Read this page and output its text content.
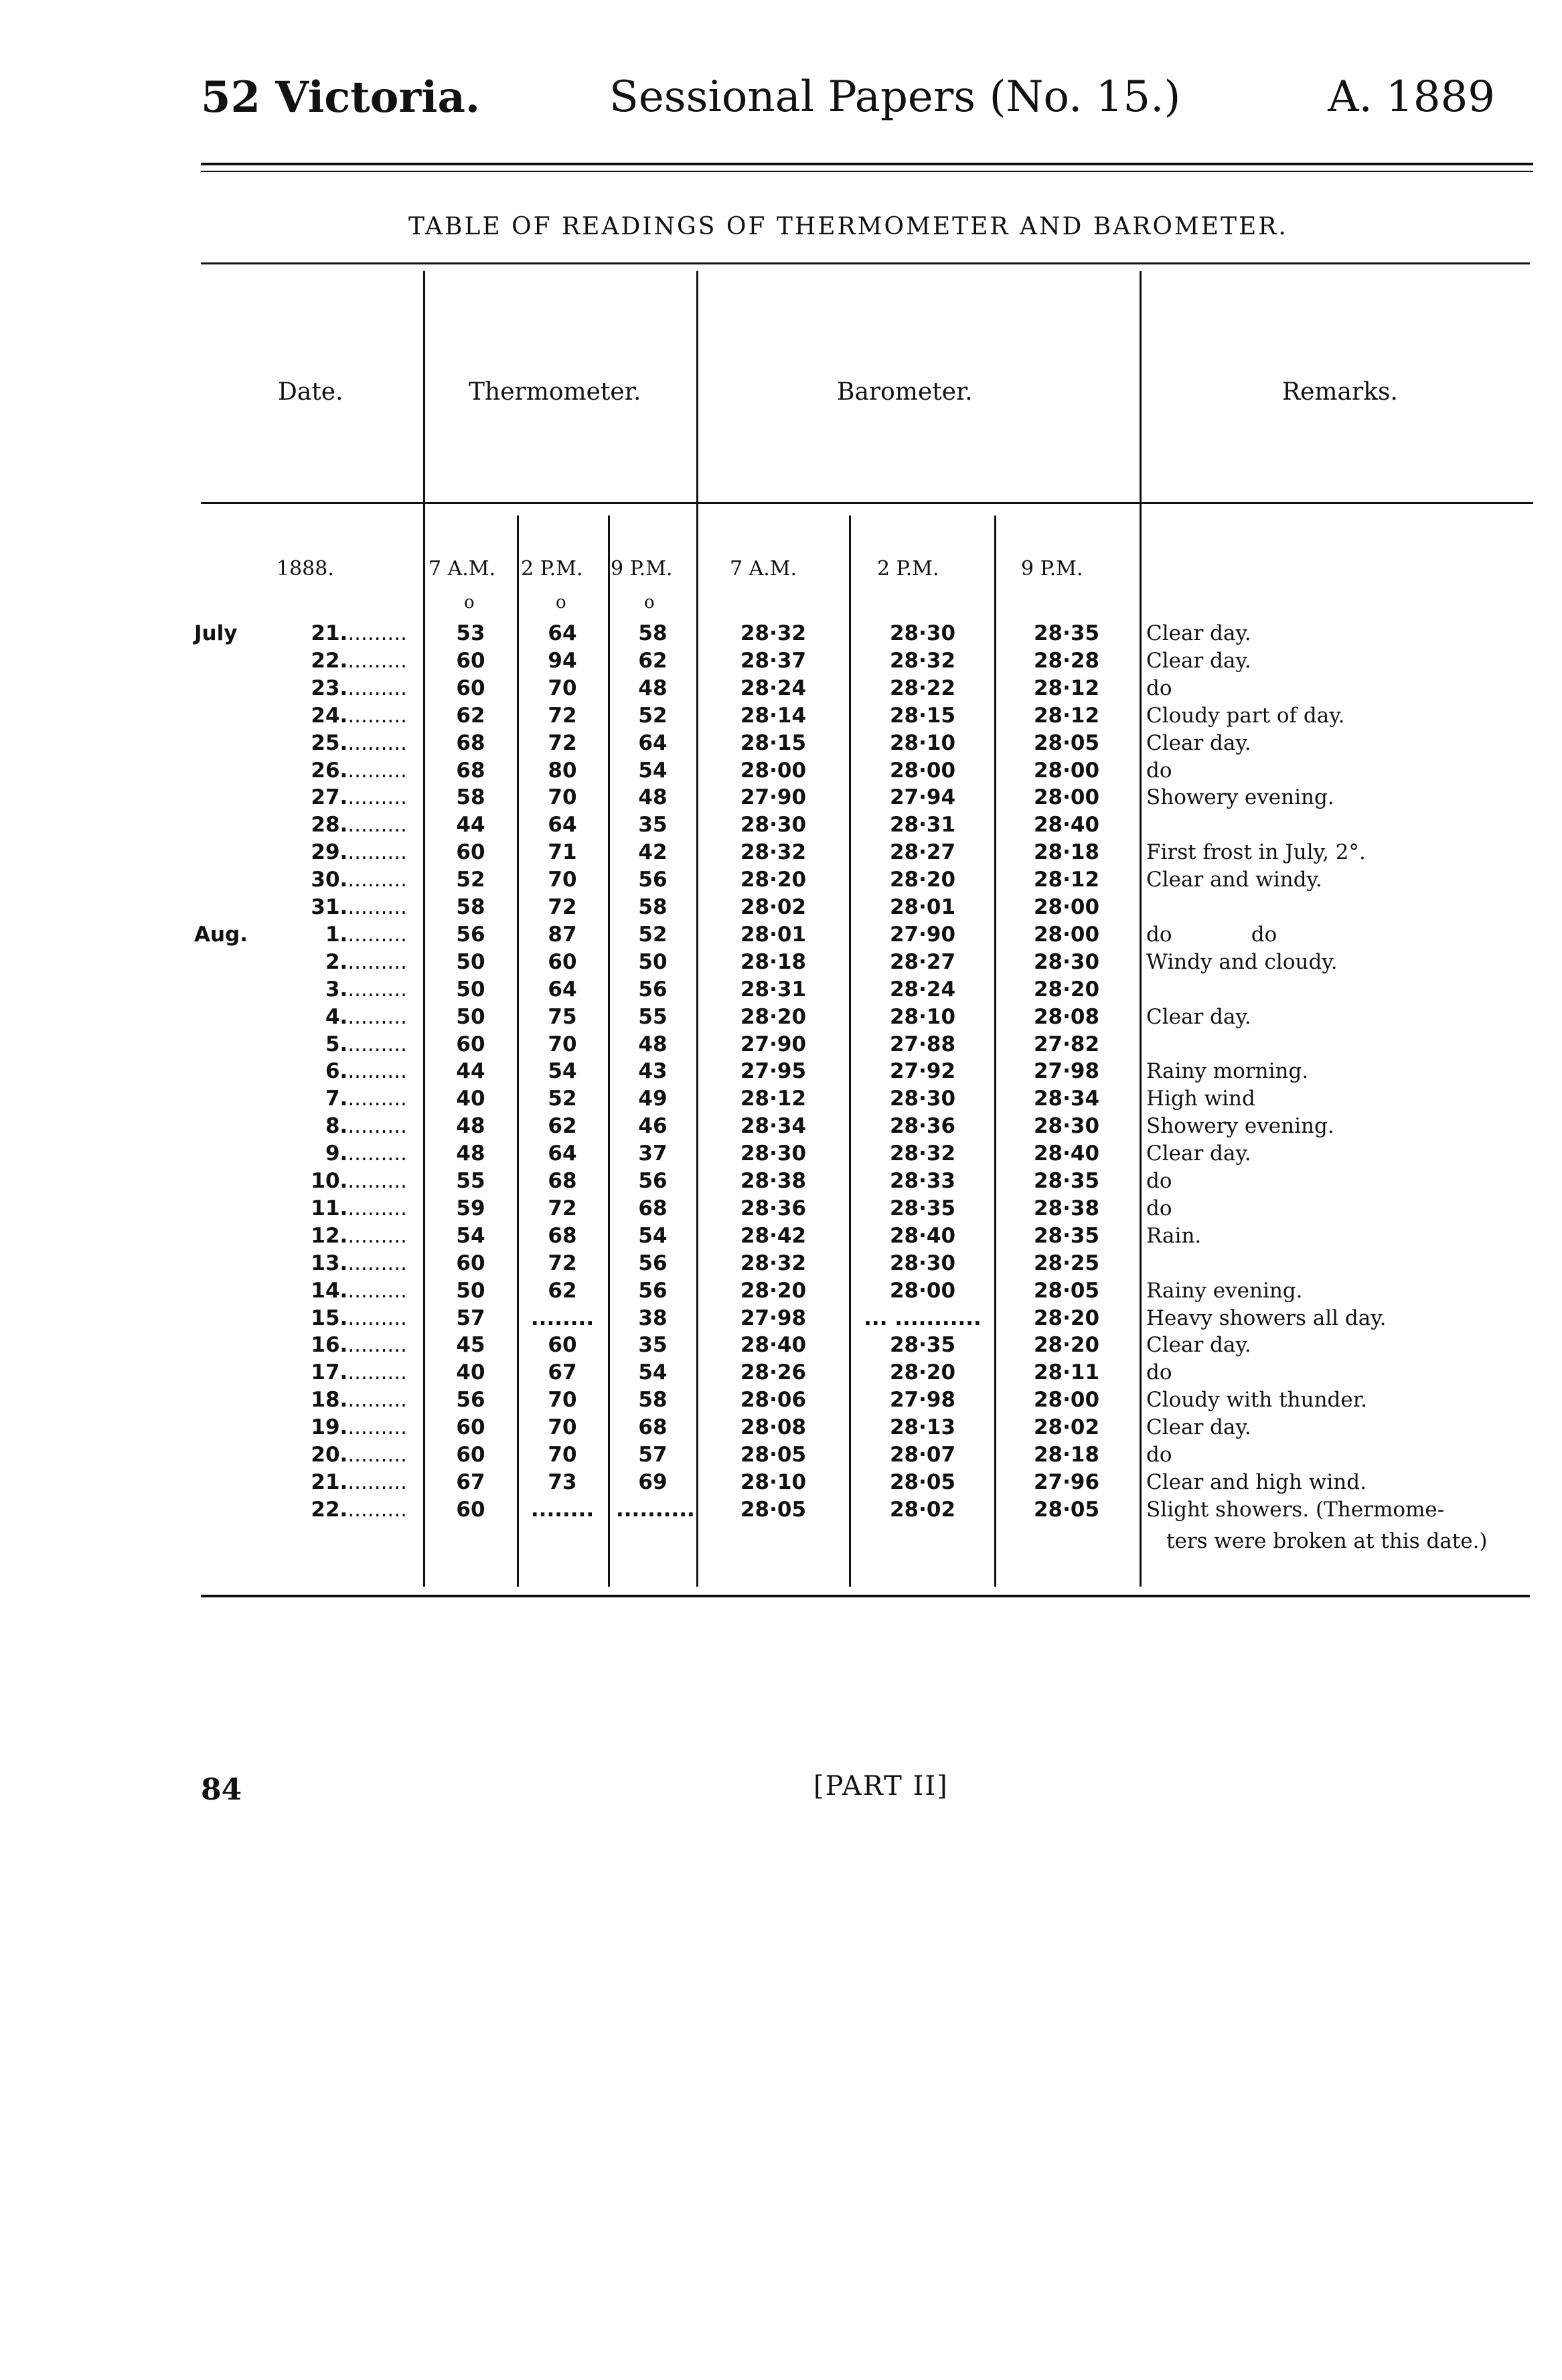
52 Victoria.	Sessional Papers (No. 15.)	A. 1889
TABLE OF READINGS OF THERMOMETER AND BAROMETER.
Date.	Thermometer.	Barometer.	Remarks.
1888.	7 A.M. 2 P.M. 9 P.M.	7 A.M.	2 P.M.	9 P.M.
o	o	o
July	21..........	53	64	58	28·32	28·30	28·35	Clear day.
22..........	60	94	62	28·37	28·32	28·28	Clear day.
23..........	60	70	48	28·24	28·22	28·12	do
24..........	62	72	52	28·14	28·15	28·12	Cloudy part of day.
25..........	68	72	64	28·15	28·10	28·05	Clear day.
26..........	68	80	54	28·00	28·00	28·00	do
27..........	58	70	48	27·90	27·94	28·00	Showery evening.
28..........	44	64	35	28·30	28·31	28·40
29..........	60	71	42	28·32	28·27	28·18	First frost in July, 2°.
30..........	52	70	56	28·20	28·20	28·12	Clear and windy.
31..........	58	72	58	28·02	28·01	28·00
Aug.	1..........	56	87	52	28·01	27·90	28·00	do            do
2..........	50	60	50	28·18	28·27	28·30	Windy and cloudy.
3..........	50	64	56	28·31	28·24	28·20
4..........	50	75	55	28·20	28·10	28·08	Clear day.
5..........	60	70	48	27·90	27·88	27·82
6..........	44	54	43	27·95	27·92	27·98	Rainy morning.
7..........	40	52	49	28·12	28·30	28·34	High wind
8..........	48	62	46	28·34	28·36	28·30	Showery evening.
9..........	48	64	37	28·30	28·32	28·40	Clear day.
10..........	55	68	56	28·38	28·33	28·35	do
11..........	59	72	68	28·36	28·35	28·38	do
12..........	54	68	54	28·42	28·40	28·35	Rain.
13..........	60	72	56	28·32	28·30	28·25
14..........	50	62	56	28·20	28·00	28·05	Rainy evening.
15..........	57	........	38	27·98	... ...........	28·20	Heavy showers all day.
16..........	45	60	35	28·40	28·35	28·20	Clear day.
17..........	40	67	54	28·26	28·20	28·11	do
18..........	56	70	58	28·06	27·98	28·00	Cloudy with thunder.
19..........	60	70	68	28·08	28·13	28·02	Clear day.
20..........	60	70	57	28·05	28·07	28·18	do
21..........	67	73	69	28·10	28·05	27·96	Clear and high wind.
22..........	60	........ ..........	28·05	28·02	28·05	Slight showers. (Thermome-
ters were broken at this date.)
84	[PART II]
